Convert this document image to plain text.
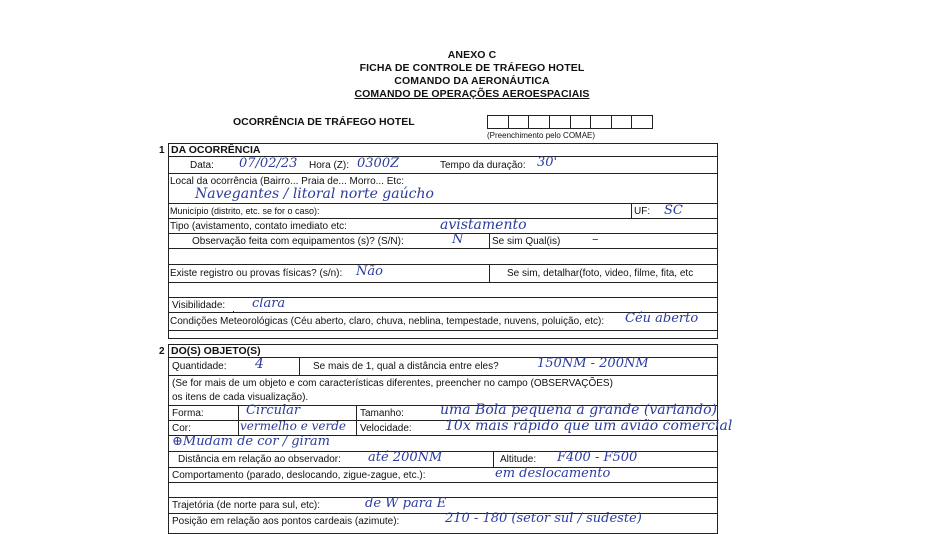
ANEXO C
FICHA DE CONTROLE DE TRÁFEGO HOTEL
COMANDO DA AERONÁUTICA
COMANDO DE OPERAÇÕES AEROESPACIAIS
OCORRÊNCIA DE TRÁFEGO HOTEL
(Preenchimento pelo COMAE)
1 DA OCORRÊNCIA
Data: 07/02/23 Hora (Z): 0300Z	Tempo da duração: 30'
Local da ocorrência (Bairro... Praia de... Morro... Etc:
Navegantes / litoral norte gaúcho
Município (distrito, etc. se for o caso):	UF: SC
Tipo (avistamento, contato imediato etc:	avistamento
Observação feita com equipamentos (s)? (S/N):	N	Se sim Qual(is) –
Existe registro ou provas físicas? (s/n): Não	Se sim, detalhar(foto, video, filme, fita, etc
Visibilidade: clara
Condições Meteorológicas (Céu aberto, claro, chuva, neblina, tempestade, nuvens, poluição, etc): Céu aberto
2 DO(S) OBJETO(S)
Quantidade: 4	Se mais de 1, qual a distância entre eles?	150NM - 200NM
(Se for mais de um objeto e com características diferentes, preencher no campo (OBSERVAÇÕES)
os itens de cada visualização).
Forma:	Circular	Tamanho:	uma Bola pequena a grande (variando)
Cor:	vermelho e verde Velocidade: 10x mais rápido que um avião comercial
⊕Mudam de cor / giram
Distância em relação ao observador: até 200NM	Altitude: F400 - F500
Comportamento (parado, deslocando, zigue-zague, etc.):	em deslocamento
Trajetória (de norte para sul, etc):	de W para E
Posição em relação aos pontos cardeais (azimute):	210 - 180 (setor sul / sudeste)
